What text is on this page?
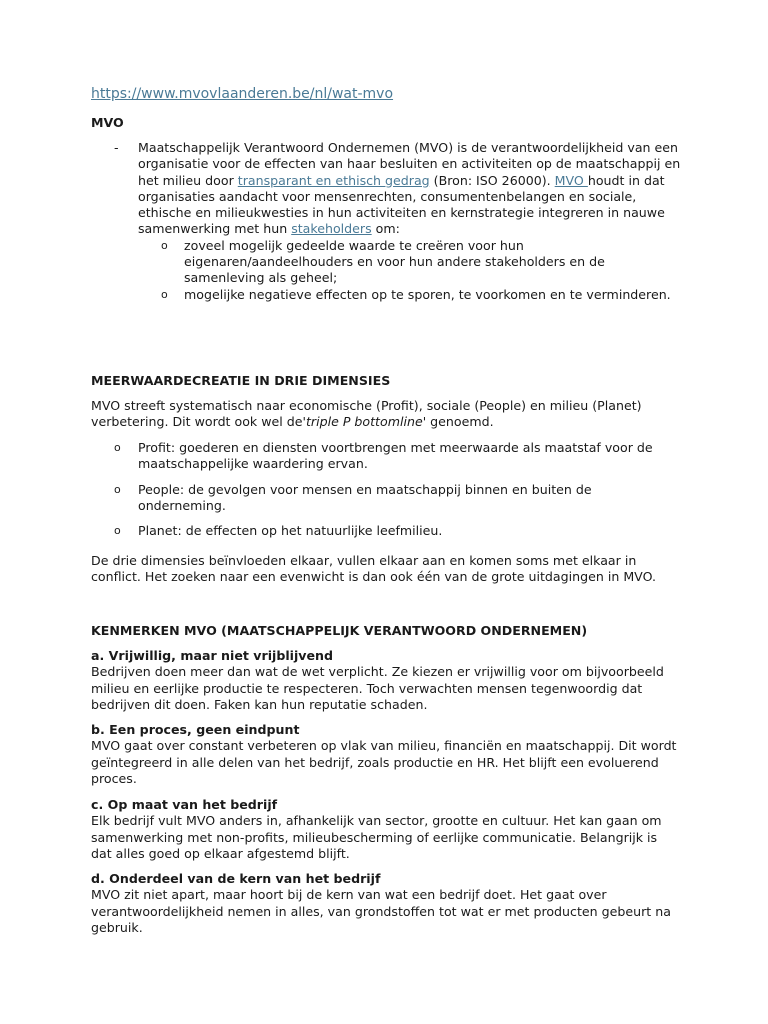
https://www.mvovlaanderen.be/nl/wat-mvo
MVO
- Maatschappelijk Verantwoord Ondernemen (MVO) is de verantwoordelijkheid van een organisatie voor de effecten van haar besluiten en activiteiten op de maatschappij en het milieu door transparant en ethisch gedrag (Bron: ISO 26000). MVO houdt in dat organisaties aandacht voor mensenrechten, consumentenbelangen en sociale, ethische en milieukwesties in hun activiteiten en kernstrategie integreren in nauwe samenwerking met hun stakeholders om:
o zoveel mogelijk gedeelde waarde te creëren voor hun eigenaren/aandeelhouders en voor hun andere stakeholders en de samenleving als geheel;
o mogelijke negatieve effecten op te sporen, te voorkomen en te verminderen.
MEERWAARDECREATIE IN DRIE DIMENSIES
MVO streeft systematisch naar economische (Profit), sociale (People) en milieu (Planet) verbetering. Dit wordt ook wel de'triple P bottomline' genoemd.
o Profit: goederen en diensten voortbrengen met meerwaarde als maatstaf voor de maatschappelijke waardering ervan.
o People: de gevolgen voor mensen en maatschappij binnen en buiten de onderneming.
o Planet: de effecten op het natuurlijke leefmilieu.
De drie dimensies beïnvloeden elkaar, vullen elkaar aan en komen soms met elkaar in conflict. Het zoeken naar een evenwicht is dan ook één van de grote uitdagingen in MVO.
KENMERKEN MVO (MAATSCHAPPELIJK VERANTWOORD ONDERNEMEN)
a. Vrijwillig, maar niet vrijblijvend
Bedrijven doen meer dan wat de wet verplicht. Ze kiezen er vrijwillig voor om bijvoorbeeld milieu en eerlijke productie te respecteren. Toch verwachten mensen tegenwoordig dat bedrijven dit doen. Faken kan hun reputatie schaden.
b. Een proces, geen eindpunt
MVO gaat over constant verbeteren op vlak van milieu, financiën en maatschappij. Dit wordt geïntegreerd in alle delen van het bedrijf, zoals productie en HR. Het blijft een evoluerend proces.
c. Op maat van het bedrijf
Elk bedrijf vult MVO anders in, afhankelijk van sector, grootte en cultuur. Het kan gaan om samenwerking met non-profits, milieubescherming of eerlijke communicatie. Belangrijk is dat alles goed op elkaar afgestemd blijft.
d. Onderdeel van de kern van het bedrijf
MVO zit niet apart, maar hoort bij de kern van wat een bedrijf doet. Het gaat over verantwoordelijkheid nemen in alles, van grondstoffen tot wat er met producten gebeurt na gebruik.
